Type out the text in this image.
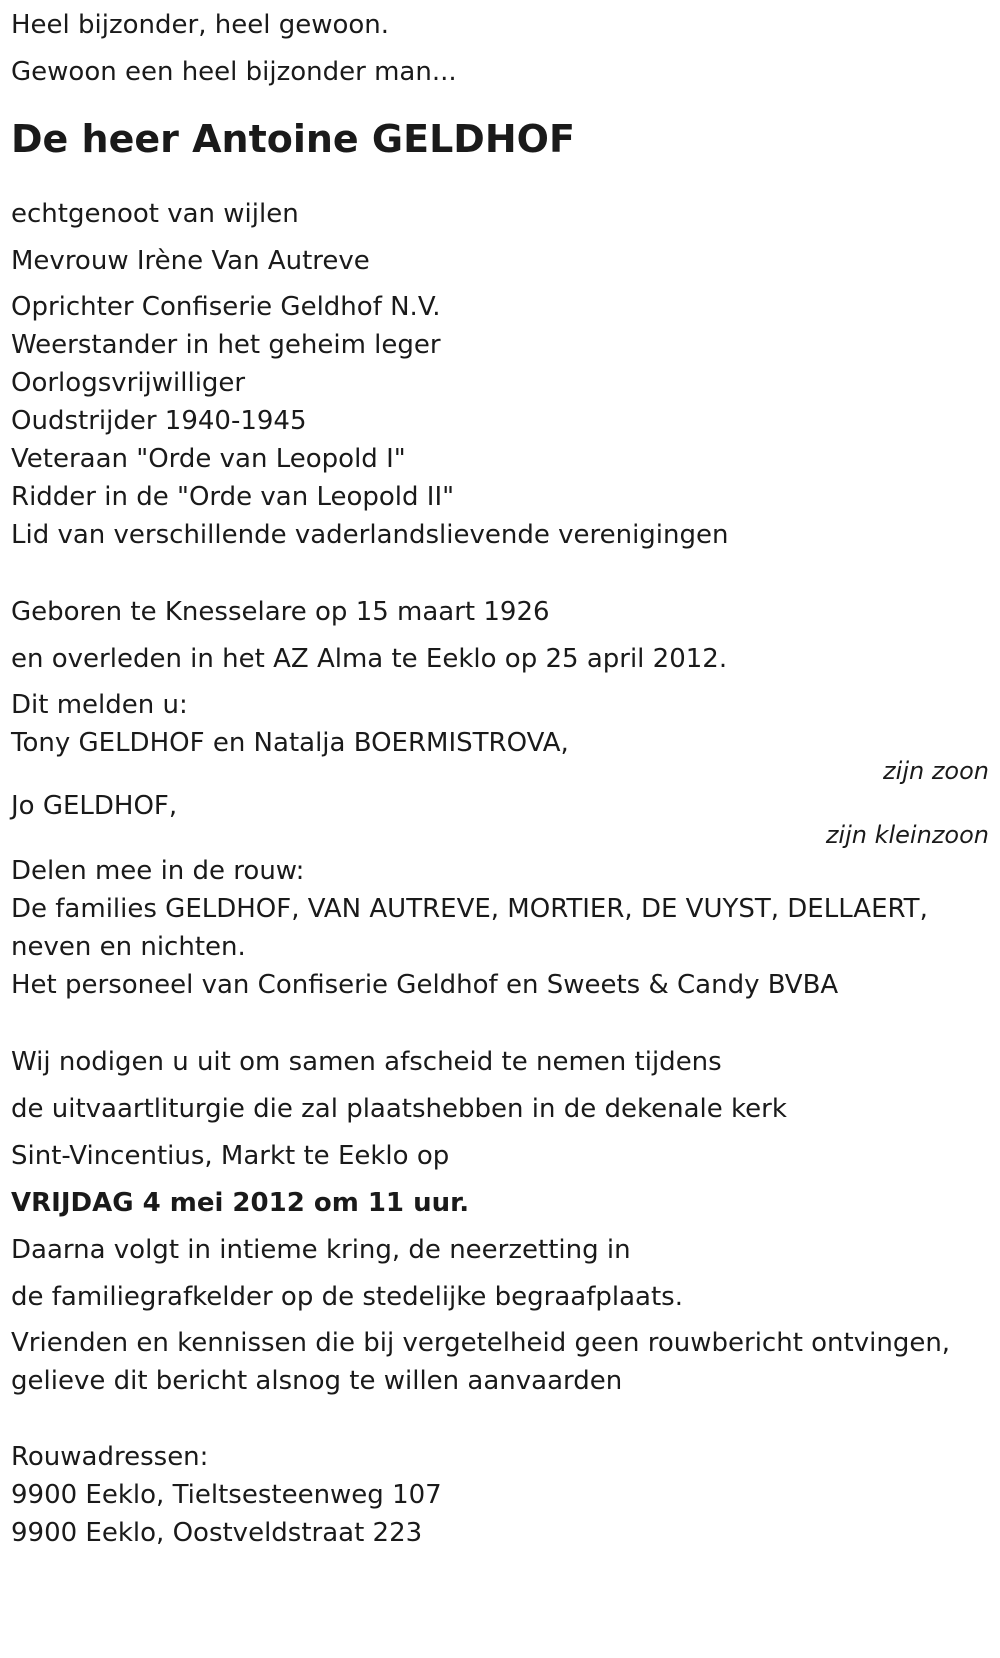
Heel bijzonder, heel gewoon.
Gewoon een heel bijzonder man...
De heer Antoine GELDHOF
echtgenoot van wijlen
Mevrouw Irène Van Autreve
Oprichter Confiserie Geldhof N.V.
Weerstander in het geheim leger
Oorlogsvrijwilliger
Oudstrijder 1940-1945
Veteraan "Orde van Leopold I"
Ridder in de "Orde van Leopold II"
Lid van verschillende vaderlandslievende verenigingen
Geboren te Knesselare op 15 maart 1926
en overleden in het AZ Alma te Eeklo op 25 april 2012.
Dit melden u:
Tony GELDHOF en Natalja BOERMISTROVA,
zijn zoon
Jo GELDHOF,
zijn kleinzoon
Delen mee in de rouw:
De families GELDHOF, VAN AUTREVE, MORTIER, DE VUYST, DELLAERT,
neven en nichten.
Het personeel van Confiserie Geldhof en Sweets & Candy BVBA
Wij nodigen u uit om samen afscheid te nemen tijdens
de uitvaartliturgie die zal plaatshebben in de dekenale kerk
Sint-Vincentius, Markt te Eeklo op
VRIJDAG 4 mei 2012 om 11 uur.
Daarna volgt in intieme kring, de neerzetting in
de familiegrafkelder op de stedelijke begraafplaats.
Vrienden en kennissen die bij vergetelheid geen rouwbericht ontvingen,
gelieve dit bericht alsnog te willen aanvaarden
Rouwadressen:
9900 Eeklo, Tieltsesteenweg 107
9900 Eeklo, Oostveldstraat 223
